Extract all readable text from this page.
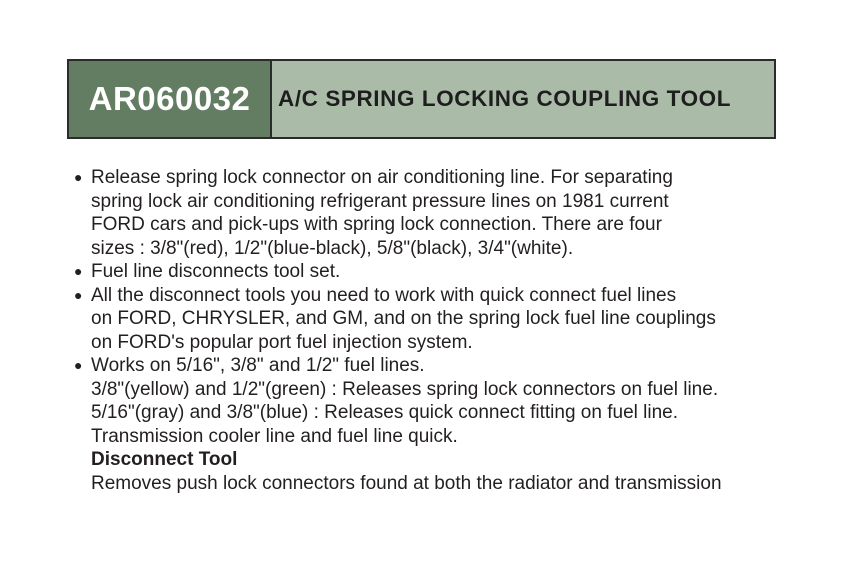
AR060032 A/C SPRING LOCKING COUPLING TOOL
● Release spring lock connector on air conditioning line. For separating
spring lock air conditioning refrigerant pressure lines on 1981 current
FORD cars and pick-ups with spring lock connection. There are four
sizes : 3/8"(red), 1/2"(blue-black), 5/8"(black), 3/4"(white).
● Fuel line disconnects tool set.
● All the disconnect tools you need to work with quick connect fuel lines
on FORD, CHRYSLER, and GM, and on the spring lock fuel line couplings
on FORD's popular port fuel injection system.
● Works on 5/16", 3/8" and 1/2" fuel lines.
3/8"(yellow) and 1/2"(green) : Releases spring lock connectors on fuel line.
5/16"(gray) and 3/8"(blue) : Releases quick connect fitting on fuel line.
Transmission cooler line and fuel line quick.
Disconnect Tool
Removes push lock connectors found at both the radiator and transmission
